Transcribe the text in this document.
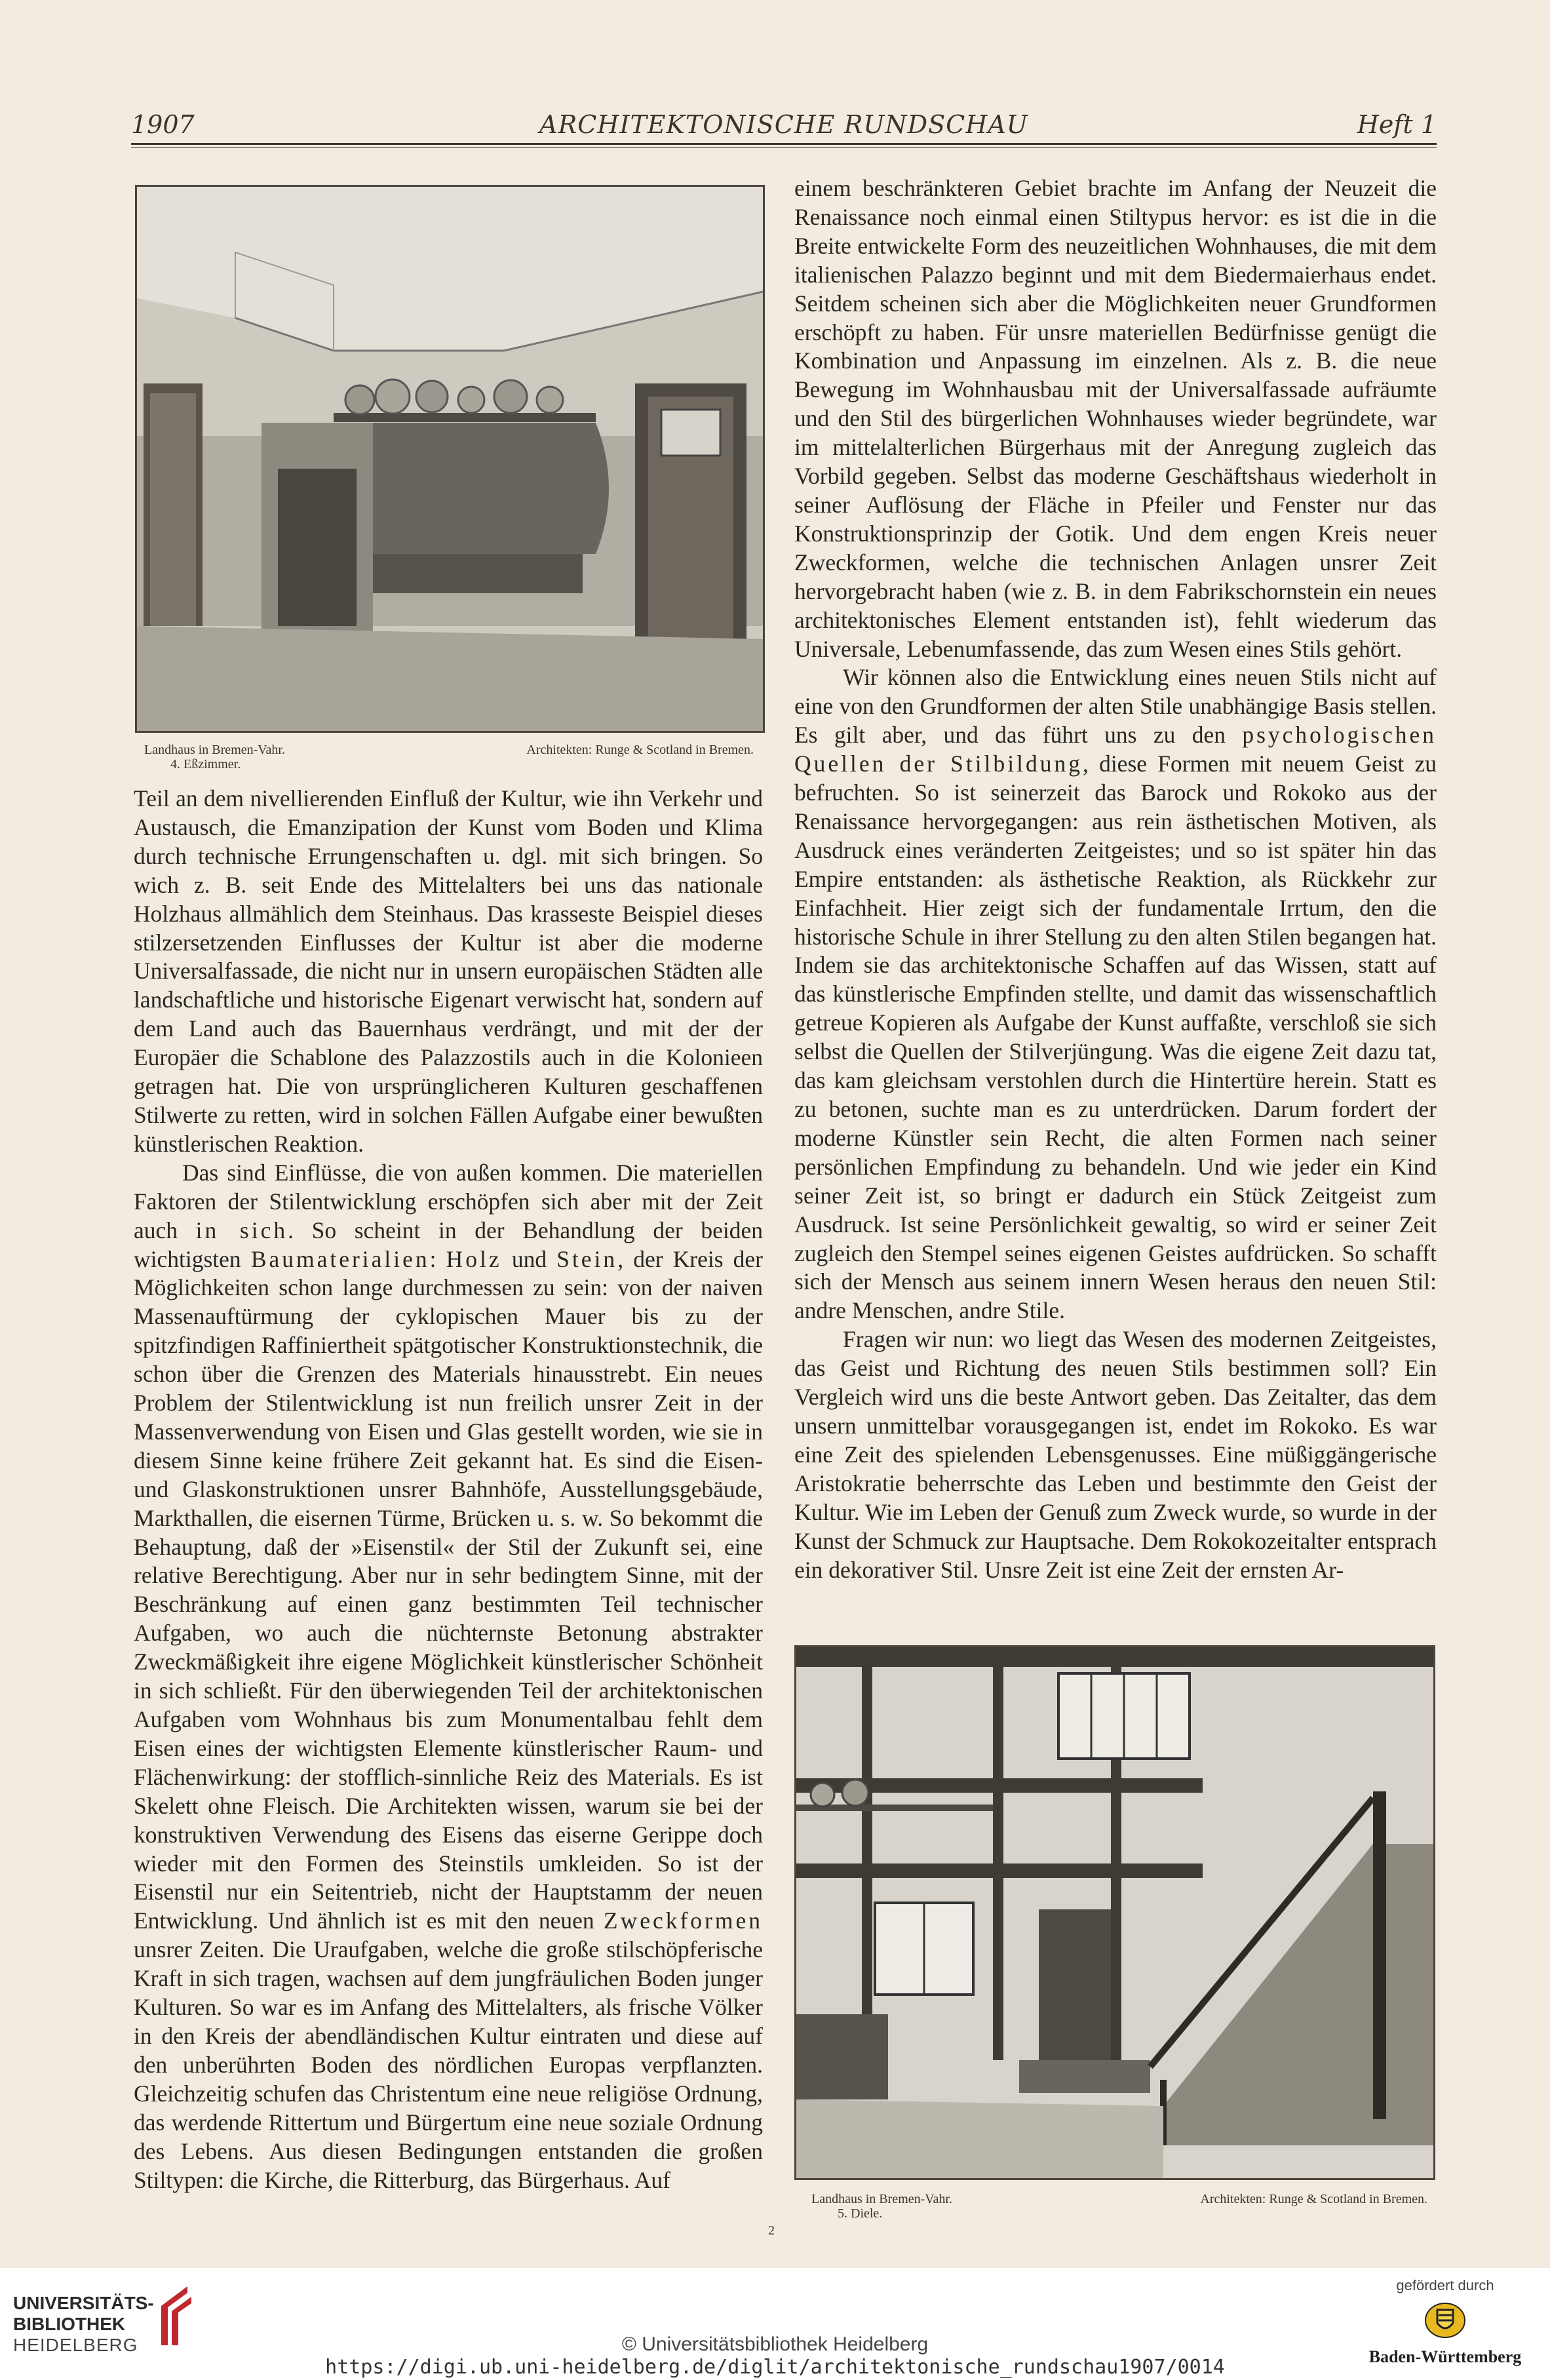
1907	ARCHITEKTONISCHE RUNDSCHAU	Heft 1
Landhaus in Bremen-Vahr.	Architekten: Runge & Scotland in Bremen.
4. Eßzimmer.

Teil an dem nivellierenden Einfluß der Kultur, wie ihn Verkehr und Austausch, die Emanzipation der Kunst vom Boden und Klima durch technische Errungenschaften u. dgl. mit sich bringen. So wich z. B. seit Ende des Mittelalters bei uns das nationale Holzhaus allmählich dem Steinhaus. Das krasseste Beispiel dieses stilzersetzenden Einflusses der Kultur ist aber die moderne Universalfassade, die nicht nur in unsern europäischen Städten alle landschaftliche und historische Eigenart verwischt hat, sondern auf dem Land auch das Bauernhaus verdrängt, und mit der der Europäer die Schablone des Palazzostils auch in die Kolonieen getragen hat. Die von ursprünglicheren Kulturen geschaffenen Stilwerte zu retten, wird in solchen Fällen Aufgabe einer bewußten künstlerischen Reaktion.

Das sind Einflüsse, die von außen kommen. Die materiellen Faktoren der Stilentwicklung erschöpfen sich aber mit der Zeit auch in sich. So scheint in der Behandlung der beiden wichtigsten Baumaterialien: Holz und Stein, der Kreis der Möglichkeiten schon lange durchmessen zu sein: von der naiven Massenauftürmung der cyklopischen Mauer bis zu der spitzfindigen Raffiniertheit spätgotischer Konstruktionstechnik, die schon über die Grenzen des Materials hinausstrebt. Ein neues Problem der Stilentwicklung ist nun freilich unsrer Zeit in der Massenverwendung von Eisen und Glas gestellt worden, wie sie in diesem Sinne keine frühere Zeit gekannt hat. Es sind die Eisen- und Glaskonstruktionen unsrer Bahnhöfe, Ausstellungsgebäude, Markthallen, die eisernen Türme, Brücken u. s. w. So bekommt die Behauptung, daß der »Eisenstil« der Stil der Zukunft sei, eine relative Berechtigung. Aber nur in sehr bedingtem Sinne, mit der Beschränkung auf einen ganz bestimmten Teil technischer Aufgaben, wo auch die nüchternste Betonung abstrakter Zweckmäßigkeit ihre eigene Möglichkeit künstlerischer Schönheit in sich schließt. Für den überwiegenden Teil der architektonischen Aufgaben vom Wohnhaus bis zum Monumentalbau fehlt dem Eisen eines der wichtigsten Elemente künstlerischer Raum- und Flächenwirkung: der stofflich-sinnliche Reiz des Materials. Es ist Skelett ohne Fleisch. Die Architekten wissen, warum sie bei der konstruktiven Verwendung des Eisens das eiserne Gerippe doch wieder mit den Formen des Steinstils umkleiden. So ist der Eisenstil nur ein Seitentrieb, nicht der Hauptstamm der neuen Entwicklung. Und ähnlich ist es mit den neuen Zweckformen unsrer Zeiten. Die Uraufgaben, welche die große stilschöpferische Kraft in sich tragen, wachsen auf dem jungfräulichen Boden junger Kulturen. So war es im Anfang des Mittelalters, als frische Völker in den Kreis der abendländischen Kultur eintraten und diese auf den unberührten Boden des nördlichen Europas verpflanzten. Gleichzeitig schufen das Christentum eine neue religiöse Ordnung, das werdende Rittertum und Bürgertum eine neue soziale Ordnung des Lebens. Aus diesen Bedingungen entstanden die großen Stiltypen: die Kirche, die Ritterburg, das Bürgerhaus. Auf

einem beschränkteren Gebiet brachte im Anfang der Neuzeit die Renaissance noch einmal einen Stiltypus hervor: es ist die in die Breite entwickelte Form des neuzeitlichen Wohnhauses, die mit dem italienischen Palazzo beginnt und mit dem Biedermaierhaus endet. Seitdem scheinen sich aber die Möglichkeiten neuer Grundformen erschöpft zu haben. Für unsre materiellen Bedürfnisse genügt die Kombination und Anpassung im einzelnen. Als z. B. die neue Bewegung im Wohnhausbau mit der Universalfassade aufräumte und den Stil des bürgerlichen Wohnhauses wieder begründete, war im mittelalterlichen Bürgerhaus mit der Anregung zugleich das Vorbild gegeben. Selbst das moderne Geschäftshaus wiederholt in seiner Auflösung der Fläche in Pfeiler und Fenster nur das Konstruktionsprinzip der Gotik. Und dem engen Kreis neuer Zweckformen, welche die technischen Anlagen unsrer Zeit hervorgebracht haben (wie z. B. in dem Fabrikschornstein ein neues architektonisches Element entstanden ist), fehlt wiederum das Universale, Lebenumfassende, das zum Wesen eines Stils gehört.

Wir können also die Entwicklung eines neuen Stils nicht auf eine von den Grundformen der alten Stile unabhängige Basis stellen. Es gilt aber, und das führt uns zu den psychologischen Quellen der Stilbildung, diese Formen mit neuem Geist zu befruchten. So ist seinerzeit das Barock und Rokoko aus der Renaissance hervorgegangen: aus rein ästhetischen Motiven, als Ausdruck eines veränderten Zeitgeistes; und so ist später hin das Empire entstanden: als ästhetische Reaktion, als Rückkehr zur Einfachheit. Hier zeigt sich der fundamentale Irrtum, den die historische Schule in ihrer Stellung zu den alten Stilen begangen hat. Indem sie das architektonische Schaffen auf das Wissen, statt auf das künstlerische Empfinden stellte, und damit das wissenschaftlich getreue Kopieren als Aufgabe der Kunst auffaßte, verschloß sie sich selbst die Quellen der Stilverjüngung. Was die eigene Zeit dazu tat, das kam gleichsam verstohlen durch die Hintertüre herein. Statt es zu betonen, suchte man es zu unterdrücken. Darum fordert der moderne Künstler sein Recht, die alten Formen nach seiner persönlichen Empfindung zu behandeln. Und wie jeder ein Kind seiner Zeit ist, so bringt er dadurch ein Stück Zeitgeist zum Ausdruck. Ist seine Persönlichkeit gewaltig, so wird er seiner Zeit zugleich den Stempel seines eigenen Geistes aufdrücken. So schafft sich der Mensch aus seinem innern Wesen heraus den neuen Stil: andre Menschen, andre Stile.

Fragen wir nun: wo liegt das Wesen des modernen Zeitgeistes, das Geist und Richtung des neuen Stils bestimmen soll? Ein Vergleich wird uns die beste Antwort geben. Das Zeitalter, das dem unsern unmittelbar vorausgegangen ist, endet im Rokoko. Es war eine Zeit des spielenden Lebensgenusses. Eine müßiggängerische Aristokratie beherrschte das Leben und bestimmte den Geist der Kultur. Wie im Leben der Genuß zum Zweck wurde, so wurde in der Kunst der Schmuck zur Hauptsache. Dem Rokokozeitalter entsprach ein dekorativer Stil. Unsre Zeit ist eine Zeit der ernsten Ar-

Landhaus in Bremen-Vahr.	Architekten: Runge & Scotland in Bremen.
5. Diele.
2
UNIVERSITÄTS-
BIBLIOTHEK
HEIDELBERG	© Universitätsbibliothek Heidelberg
https://digi.ub.uni-heidelberg.de/diglit/architektonische_rundschau1907/0014
gefördert durch
Baden-Württemberg
